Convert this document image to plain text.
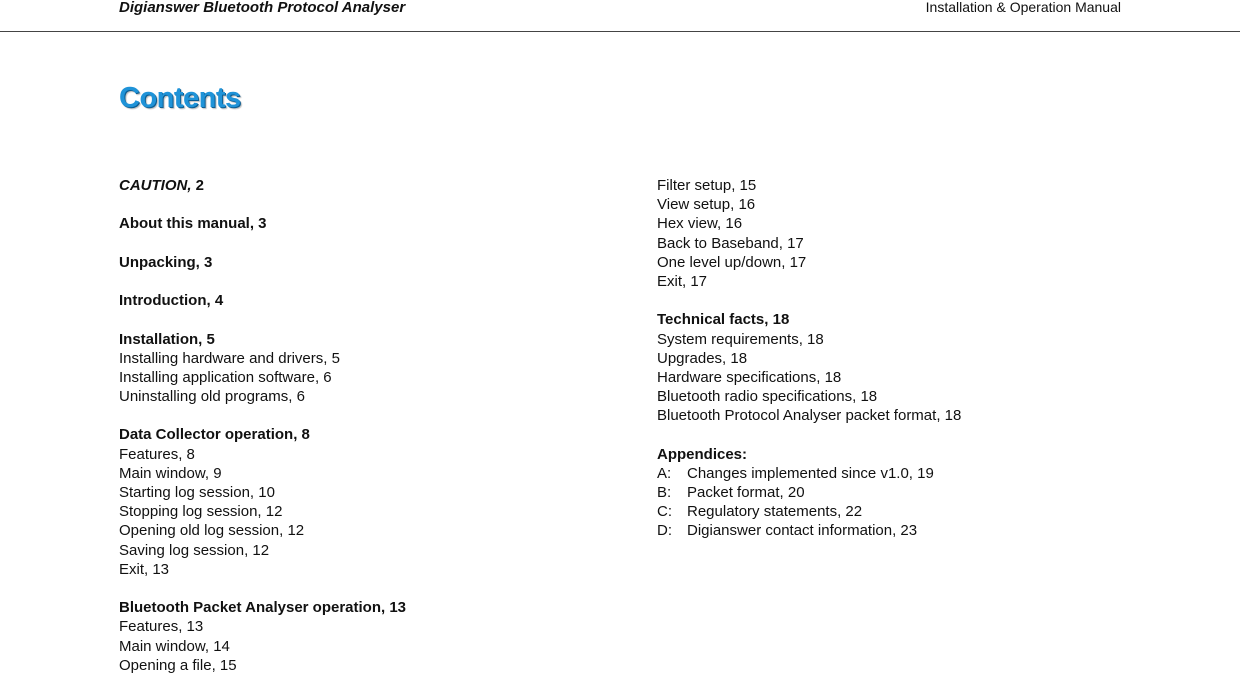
Digianswer Bluetooth Protocol Analyser	Installation & Operation Manual
Contents
CAUTION, 2
About this manual, 3
Unpacking, 3
Introduction, 4
Installation, 5
Installing hardware and drivers, 5
Installing application software, 6
Uninstalling old programs, 6
Data Collector operation, 8
Features, 8
Main window, 9
Starting log session, 10
Stopping log session, 12
Opening old log session, 12
Saving log session, 12
Exit, 13
Bluetooth Packet Analyser operation, 13
Features, 13
Main window, 14
Opening a file, 15
Filter setup, 15
View setup, 16
Hex view, 16
Back to Baseband, 17
One level up/down, 17
Exit, 17
Technical facts, 18
System requirements, 18
Upgrades, 18
Hardware specifications, 18
Bluetooth radio specifications, 18
Bluetooth Protocol Analyser packet format, 18
Appendices:
A: Changes implemented since v1.0, 19
B: Packet format, 20
C: Regulatory statements, 22
D: Digianswer contact information, 23
